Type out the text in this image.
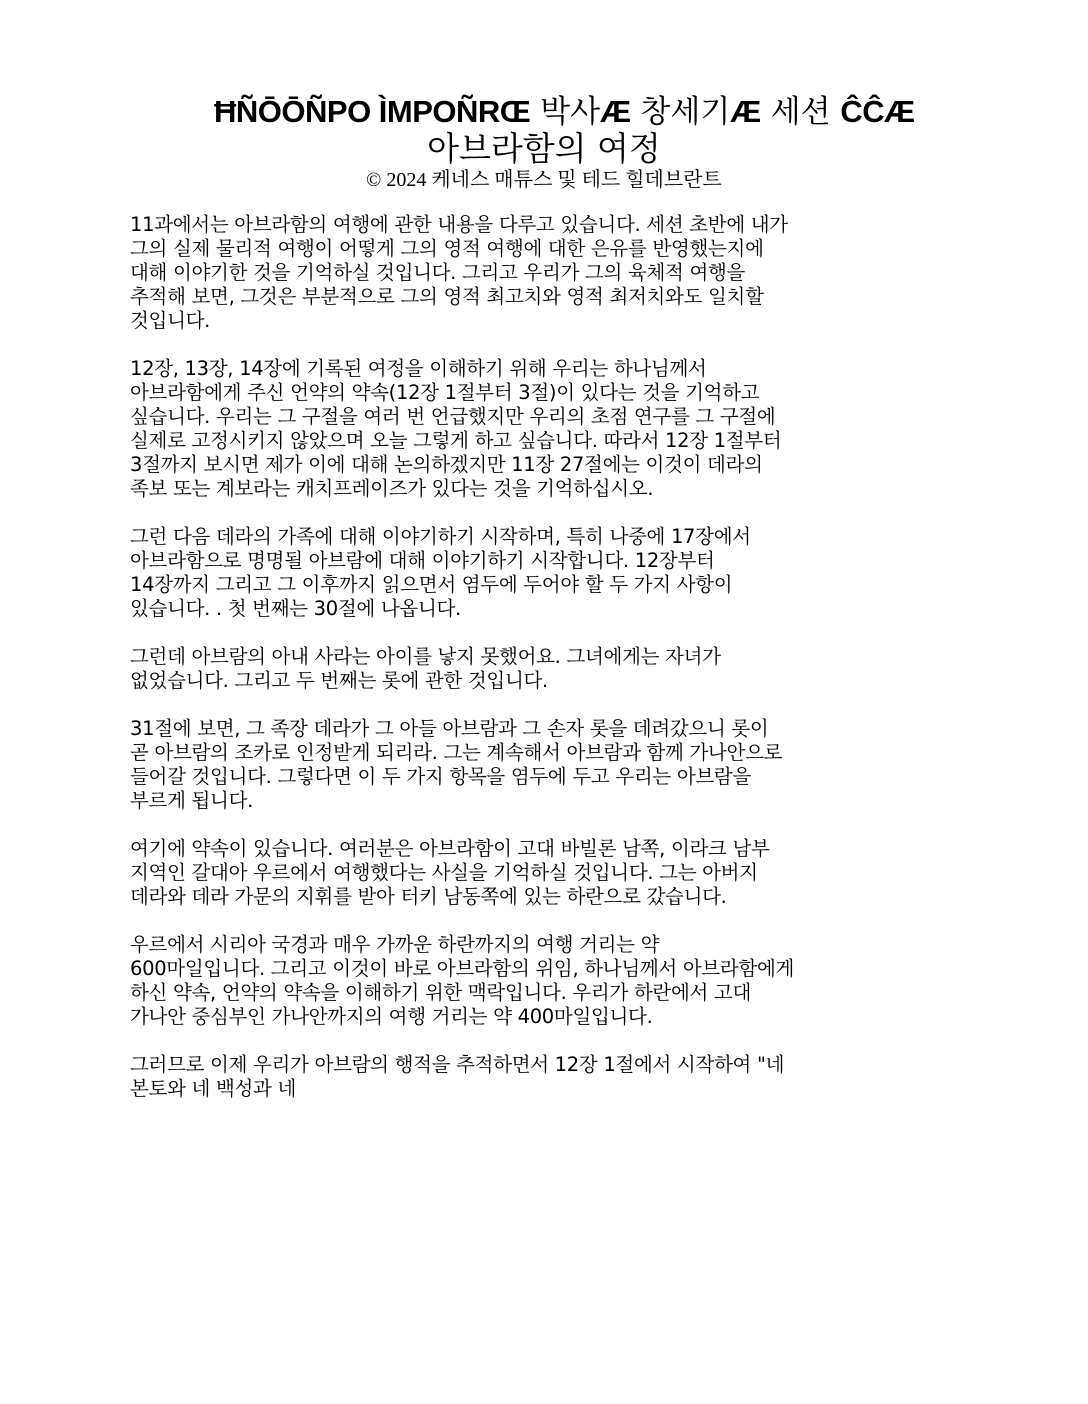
ĦÑŌŌÑPO ÌMPOÑRŒ 박사Æ 창세기Æ 세션 ĈĈÆ
아브라함의 여정
© 2024 케네스 매튜스 및 테드 힐데브란트

11과에서는 아브라함의 여행에 관한 내용을 다루고 있습니다. 세션 초반에 내가
그의 실제 물리적 여행이 어떻게 그의 영적 여행에 대한 은유를 반영했는지에
대해 이야기한 것을 기억하실 것입니다. 그리고 우리가 그의 육체적 여행을
추적해 보면, 그것은 부분적으로 그의 영적 최고치와 영적 최저치와도 일치할
것입니다.

12장, 13장, 14장에 기록된 여정을 이해하기 위해 우리는 하나님께서
아브라함에게 주신 언약의 약속(12장 1절부터 3절)이 있다는 것을 기억하고
싶습니다. 우리는 그 구절을 여러 번 언급했지만 우리의 초점 연구를 그 구절에
실제로 고정시키지 않았으며 오늘 그렇게 하고 싶습니다. 따라서 12장 1절부터
3절까지 보시면 제가 이에 대해 논의하겠지만 11장 27절에는 이것이 데라의
족보 또는 계보라는 캐치프레이즈가 있다는 것을 기억하십시오.

그런 다음 데라의 가족에 대해 이야기하기 시작하며, 특히 나중에 17장에서
아브라함으로 명명될 아브람에 대해 이야기하기 시작합니다. 12장부터
14장까지 그리고 그 이후까지 읽으면서 염두에 두어야 할 두 가지 사항이
있습니다. . 첫 번째는 30절에 나옵니다.

그런데 아브람의 아내 사라는 아이를 낳지 못했어요. 그녀에게는 자녀가
없었습니다. 그리고 두 번째는 롯에 관한 것입니다.

31절에 보면, 그 족장 데라가 그 아들 아브람과 그 손자 롯을 데려갔으니 롯이
곧 아브람의 조카로 인정받게 되리라. 그는 계속해서 아브람과 함께 가나안으로
들어갈 것입니다. 그렇다면 이 두 가지 항목을 염두에 두고 우리는 아브람을
부르게 됩니다.

여기에 약속이 있습니다. 여러분은 아브라함이 고대 바빌론 남쪽, 이라크 남부
지역인 갈대아 우르에서 여행했다는 사실을 기억하실 것입니다. 그는 아버지
데라와 데라 가문의 지휘를 받아 터키 남동쪽에 있는 하란으로 갔습니다.

우르에서 시리아 국경과 매우 가까운 하란까지의 여행 거리는 약
600마일입니다. 그리고 이것이 바로 아브라함의 위임, 하나님께서 아브라함에게
하신 약속, 언약의 약속을 이해하기 위한 맥락입니다. 우리가 하란에서 고대
가나안 중심부인 가나안까지의 여행 거리는 약 400마일입니다.

그러므로 이제 우리가 아브람의 행적을 추적하면서 12장 1절에서 시작하여 "네
본토와 네 백성과 네
